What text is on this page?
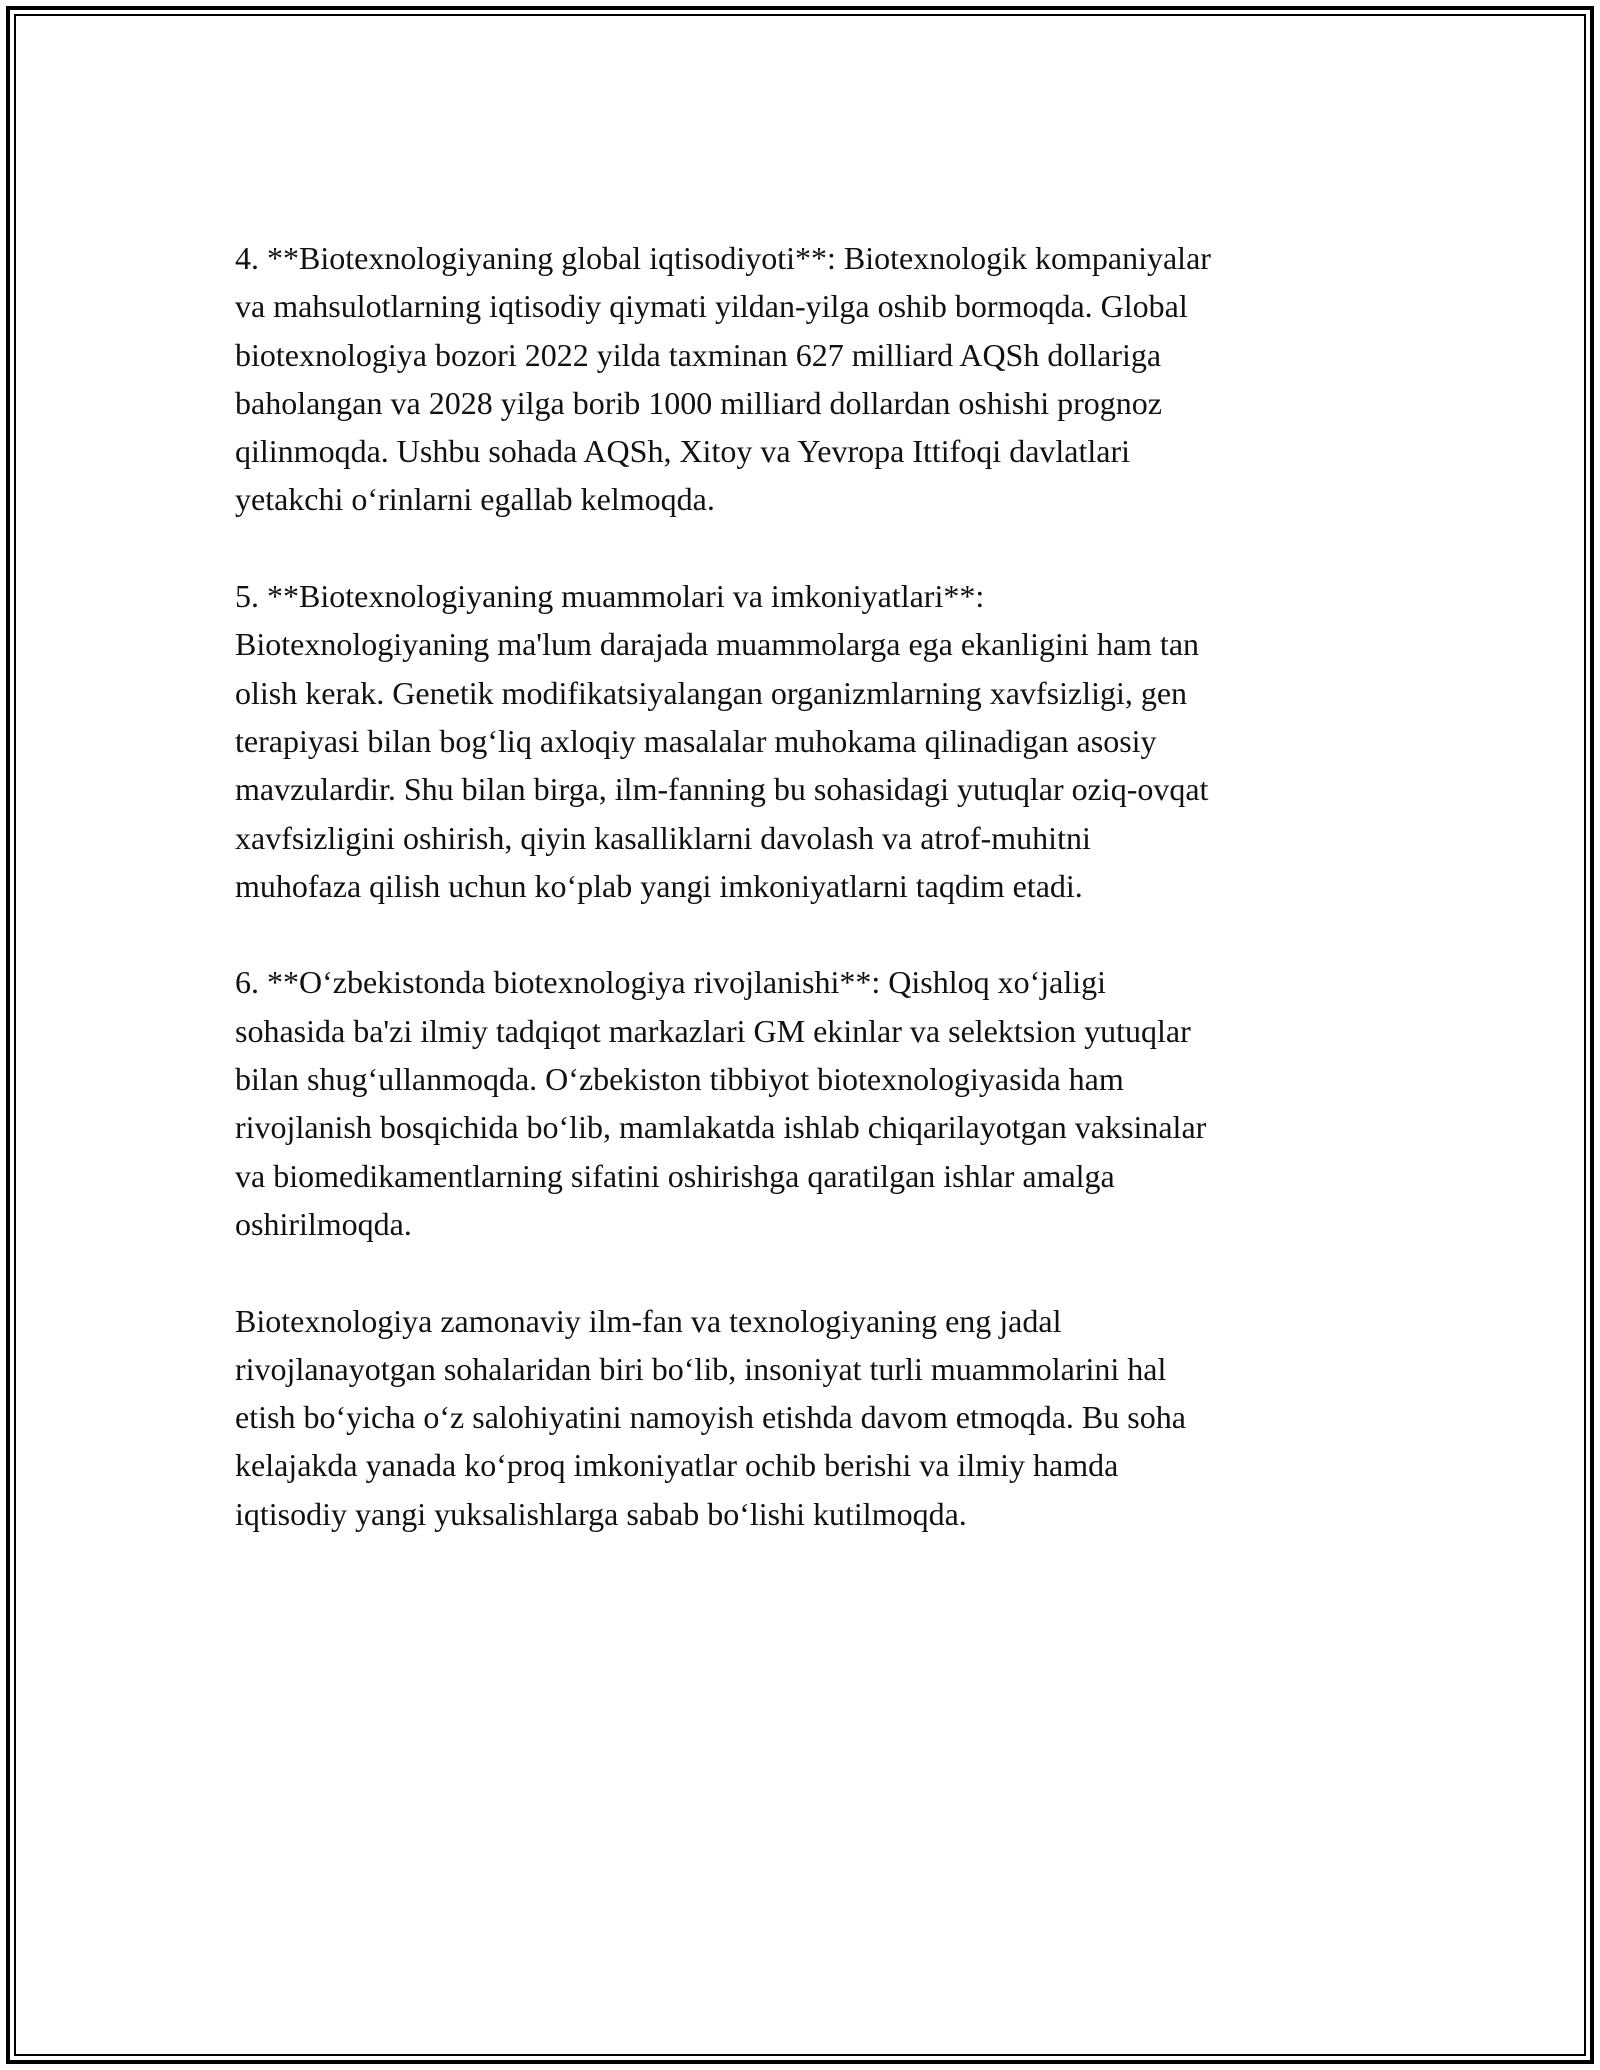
4. **Biotexnologiyaning global iqtisodiyoti**: Biotexnologik kompaniyalar
va mahsulotlarning iqtisodiy qiymati yildan-yilga oshib bormoqda. Global
biotexnologiya bozori 2022 yilda taxminan 627 milliard AQSh dollariga
baholangan va 2028 yilga borib 1000 milliard dollardan oshishi prognoz
qilinmoqda. Ushbu sohada AQSh, Xitoy va Yevropa Ittifoqi davlatlari
yetakchi o‘rinlarni egallab kelmoqda.

5. **Biotexnologiyaning muammolari va imkoniyatlari**:
Biotexnologiyaning ma'lum darajada muammolarga ega ekanligini ham tan
olish kerak. Genetik modifikatsiyalangan organizmlarning xavfsizligi, gen
terapiyasi bilan bog‘liq axloqiy masalalar muhokama qilinadigan asosiy
mavzulardir. Shu bilan birga, ilm-fanning bu sohasidagi yutuqlar oziq-ovqat
xavfsizligini oshirish, qiyin kasalliklarni davolash va atrof-muhitni
muhofaza qilish uchun ko‘plab yangi imkoniyatlarni taqdim etadi.

6. **O‘zbekistonda biotexnologiya rivojlanishi**: Qishloq xo‘jaligi
sohasida ba'zi ilmiy tadqiqot markazlari GM ekinlar va selektsion yutuqlar
bilan shug‘ullanmoqda. O‘zbekiston tibbiyot biotexnologiyasida ham
rivojlanish bosqichida bo‘lib, mamlakatda ishlab chiqarilayotgan vaksinalar
va biomedikamentlarning sifatini oshirishga qaratilgan ishlar amalga
oshirilmoqda.

Biotexnologiya zamonaviy ilm-fan va texnologiyaning eng jadal
rivojlanayotgan sohalaridan biri bo‘lib, insoniyat turli muammolarini hal
etish bo‘yicha o‘z salohiyatini namoyish etishda davom etmoqda. Bu soha
kelajakda yanada ko‘proq imkoniyatlar ochib berishi va ilmiy hamda
iqtisodiy yangi yuksalishlarga sabab bo‘lishi kutilmoqda.
